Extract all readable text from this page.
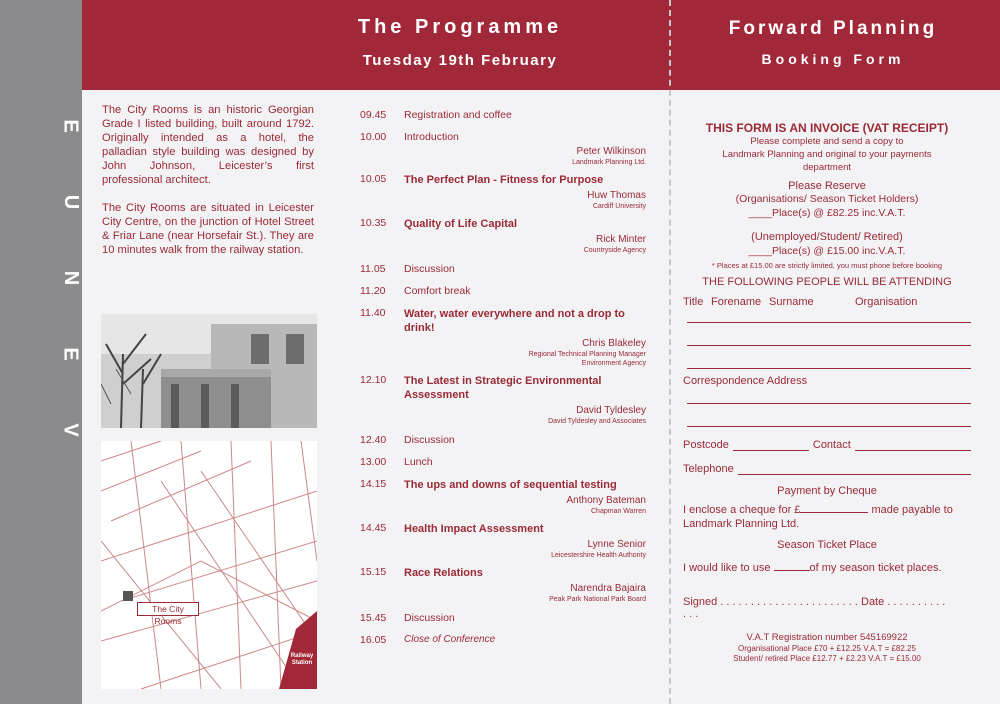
E
U
N
E
V
The Programme
Tuesday 19th February
Forward Planning
Booking Form

The City Rooms is an historic Georgian Grade I listed building, built around 1792. Originally intended as a hotel, the palladian style building was designed by John Johnson, Leicester’s first professional architect.

The City Rooms are situated in Leicester City Centre, on the junction of Hotel Street & Friar Lane (near Horsefair St.). They are 10 minutes walk from the railway station.

The City Rooms
Railway
Station
09.45	Registration and coffee
10.00	Introduction
Peter Wilkinson
Landmark Planning Ltd.
10.05	The Perfect Plan - Fitness for Purpose
Huw Thomas
Cardiff University
10.35	Quality of Life Capital
Rick Minter
Countryside Agency
11.05	Discussion
11.20	Comfort break
11.40	Water, water everywhere and not a drop to drink!
Chris Blakeley
Regional Technical Planning Manager
Environment Agency
12.10	The Latest in Strategic Environmental Assessment
David Tyldesley
David Tyldesley and Associates
12.40	Discussion
13.00	Lunch
14.15	The ups and downs of sequential testing
Anthony Bateman
Chapman Warren
14.45	Health Impact Assessment
Lynne Senior
Leicestershire Health Authority
15.15	Race Relations
Narendra Bajaira
Peak Park National Park Board
15.45	Discussion
16.05	Close of Conference
THIS FORM IS AN INVOICE (VAT RECEIPT)
Please complete and send a copy to
Landmark Planning and original to your payments
department
Please Reserve
(Organisations/ Season Ticket Holders)
____Place(s) @ £82.25 inc.V.A.T.
(Unemployed/Student/ Retired)
____Place(s) @ £15.00 inc.V.A.T.
* Places at £15.00 are strictly limited, you must phone before booking
THE FOLLOWING PEOPLE WILL BE ATTENDING
Title Forename Surname	Organisation
Correspondence Address
Postcode	Contact
Telephone
Payment by Cheque
I enclose a cheque for £	made payable to
Landmark Planning Ltd.
Season Ticket Place
I would like to use	of my season ticket places.
Signed . . . . . . . . . . . . . . . . . . . . . . . . . .
Date . . . . . . . . . .
V.A.T Registration number 545169922
Organisational Place £70 + £12.25 V.A.T = £82.25
Student/ retired Place £12.77 + £2.23 V.A.T = £15.00
